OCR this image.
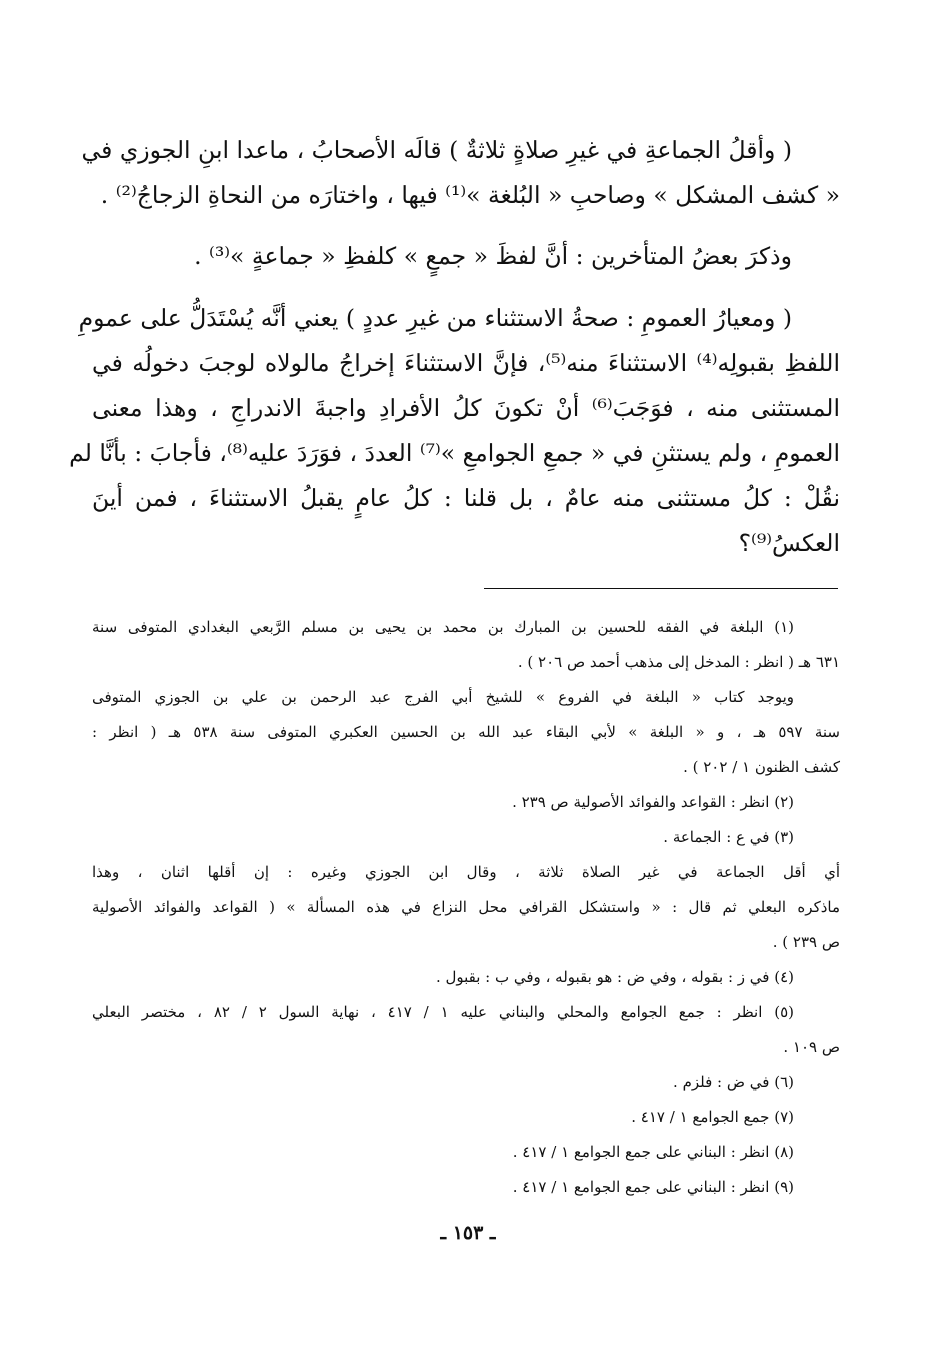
( وأقلُ الجماعةِ في غيرِ صلاةٍ ثلاثةٌ ) قالَه الأصحابُ ، ماعدا ابنِ الجوزي في
« كشف المشكل » وصاحبِ « البُلغة »⁽¹⁾ فيها ، واختارَه من النحاةِ الزجاجُ⁽²⁾ .
وذكرَ بعضُ المتأخرين : أنَّ لفظَ « جمعٍ » كلفظِ « جماعةٍ »⁽³⁾ .
( ومعيارُ العمومِ : صحةُ الاستثناء من غيرِ عددٍ ) يعني أنَّه يُسْتَدَلُّ على عمومِ
اللفظِ بقبولِه⁽⁴⁾ الاستثناءَ منه⁽⁵⁾، فإنَّ الاستثناءَ إخراجُ مالولاه لوجبَ دخولُه في
المستثنى منه ، فوَجَبَ⁽⁶⁾ أنْ تكونَ كلُ الأفرادِ واجبةَ الاندراجِ ، وهذا معنى
العمومِ ، ولم يستثنِ في « جمعِ الجوامعِ »⁽⁷⁾ العددَ ، فوَرَدَ عليه⁽⁸⁾، فأجابَ : بأنَّا لم
نقُلْ : كلُ مستثنى منه عامٌ ، بل قلنا : كلُ عامٍ يقبلُ الاستثناءَ ، فمن أينَ
العكسُ⁽⁹⁾؟
(١) البلغة في الفقه للحسين بن المبارك بن محمد بن يحيى بن مسلم الرَّبعي البغدادي المتوفى سنة
٦٣١ هـ ( انظر : المدخل إلى مذهب أحمد ص ٢٠٦ ) .
ويوجد كتاب « البلغة في الفروع » للشيخ أبي الفرج عبد الرحمن بن علي بن الجوزي المتوفى
سنة ٥٩٧ هـ ، و « البلغة » لأبي البقاء عبد الله بن الحسين العكبري المتوفى سنة ٥٣٨ هـ ( انظر :
كشف الظنون ١ / ٢٠٢ ) .
(٢) انظر : القواعد والفوائد الأصولية ص ٢٣٩ .
(٣) في ع : الجماعة .
أي أقل الجماعة في غير الصلاة ثلاثة ، وقال ابن الجوزي وغيره : إن أقلها اثنان ، وهذا
ماذكره البعلي ثم قال : « واستشكل القرافي محل النزاع في هذه المسألة » ( القواعد والفوائد الأصولية
ص ٢٣٩ ) .
(٤) في ز : بقوله ، وفي ض : هو بقبوله ، وفي ب : بقبول .
(٥) انظر : جمع الجوامع والمحلي والبناني عليه ١ / ٤١٧ ، نهاية السول ٢ / ٨٢ ، مختصر البعلي
ص ١٠٩ .
(٦) في ض : فلزم .
(٧) جمع الجوامع ١ / ٤١٧ .
(٨) انظر : البناني على جمع الجوامع ١ / ٤١٧ .
(٩) انظر : البناني على جمع الجوامع ١ / ٤١٧ .
ـ ١٥٣ ـ
